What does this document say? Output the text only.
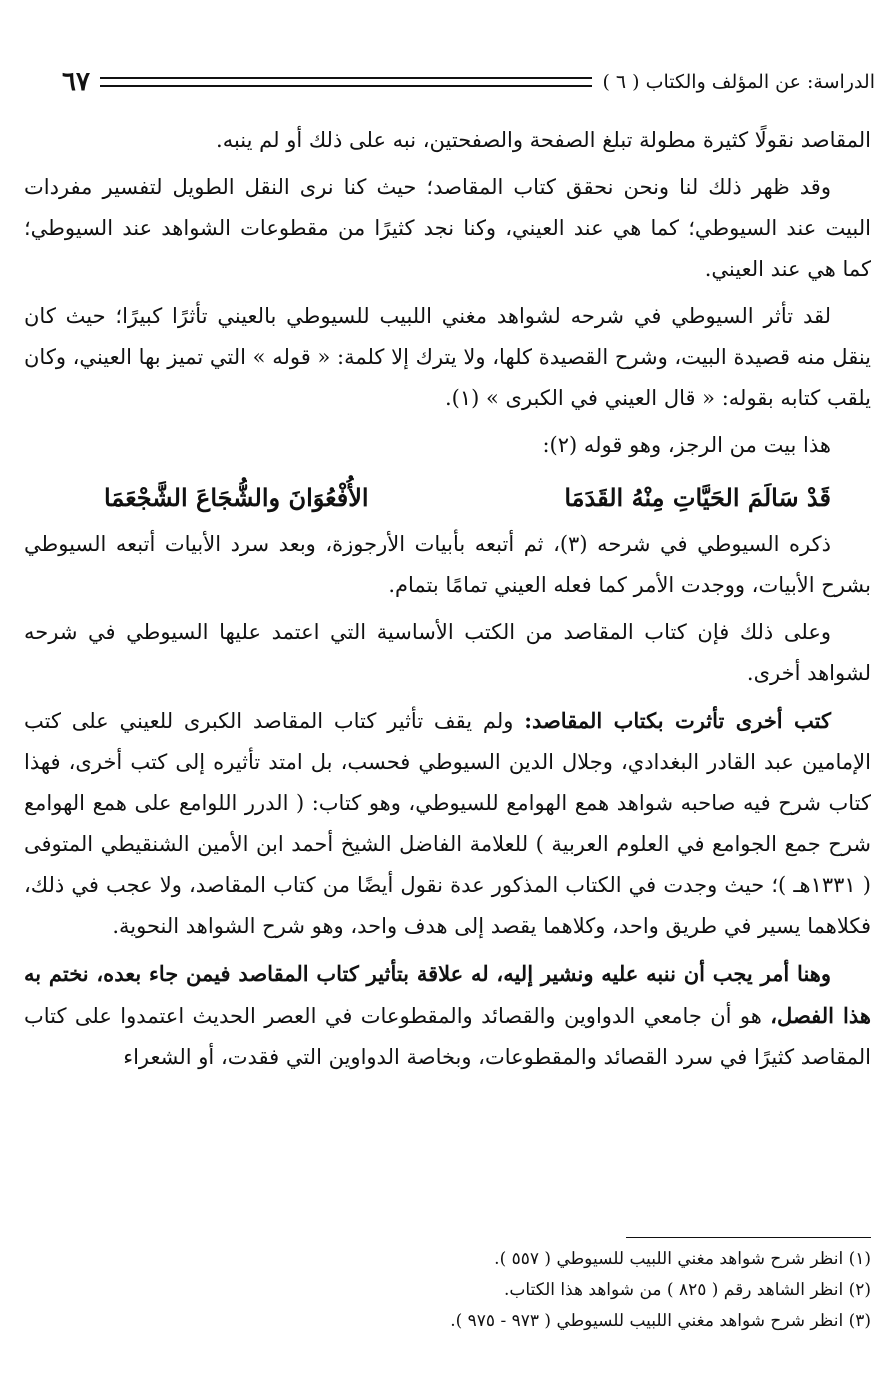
الدراسة: عن المؤلف والكتاب ( ٦ )
٦٧

المقاصد نقولًا كثيرة مطولة تبلغ الصفحة والصفحتين، نبه على ذلك أو لم ينبه.

وقد ظهر ذلك لنا ونحن نحقق كتاب المقاصد؛ حيث كنا نرى النقل الطويل لتفسير مفردات البيت عند السيوطي؛ كما هي عند العيني، وكنا نجد كثيرًا من مقطوعات الشواهد عند السيوطي؛ كما هي عند العيني.

لقد تأثر السيوطي في شرحه لشواهد مغني اللبيب للسيوطي بالعيني تأثرًا كبيرًا؛ حيث كان ينقل منه قصيدة البيت، وشرح القصيدة كلها، ولا يترك إلا كلمة: « قوله » التي تميز بها العيني، وكان يلقب كتابه بقوله: « قال العيني في الكبرى » (١).

هذا بيت من الرجز، وهو قوله (٢):

قَدْ سَالَمَ الحَيَّاتِ مِنْهُ القَدَمَا
الأُفْعُوَانَ والشُّجَاعَ الشَّجْعَمَا

ذكره السيوطي في شرحه (٣)، ثم أتبعه بأبيات الأرجوزة، وبعد سرد الأبيات أتبعه السيوطي بشرح الأبيات، ووجدت الأمر كما فعله العيني تمامًا بتمام.

وعلى ذلك فإن كتاب المقاصد من الكتب الأساسية التي اعتمد عليها السيوطي في شرحه لشواهد أخرى.

كتب أخرى تأثرت بكتاب المقاصد: ولم يقف تأثير كتاب المقاصد الكبرى للعيني على كتب الإمامين عبد القادر البغدادي، وجلال الدين السيوطي فحسب، بل امتد تأثيره إلى كتب أخرى، فهذا كتاب شرح فيه صاحبه شواهد همع الهوامع للسيوطي، وهو كتاب: ( الدرر اللوامع على همع الهوامع شرح جمع الجوامع في العلوم العربية ) للعلامة الفاضل الشيخ أحمد ابن الأمين الشنقيطي المتوفى ( ١٣٣١هـ )؛ حيث وجدت في الكتاب المذكور عدة نقول أيضًا من كتاب المقاصد، ولا عجب في ذلك، فكلاهما يسير في طريق واحد، وكلاهما يقصد إلى هدف واحد، وهو شرح الشواهد النحوية.

وهنا أمر يجب أن ننبه عليه ونشير إليه، له علاقة بتأثير كتاب المقاصد فيمن جاء بعده، نختم به هذا الفصل، هو أن جامعي الدواوين والقصائد والمقطوعات في العصر الحديث اعتمدوا على كتاب المقاصد كثيرًا في سرد القصائد والمقطوعات، وبخاصة الدواوين التي فقدت، أو الشعراء

(١) انظر شرح شواهد مغني اللبيب للسيوطي ( ٥٥٧ ).
(٢) انظر الشاهد رقم ( ٨٢٥ ) من شواهد هذا الكتاب.
(٣) انظر شرح شواهد مغني اللبيب للسيوطي ( ٩٧٣ - ٩٧٥ ).
